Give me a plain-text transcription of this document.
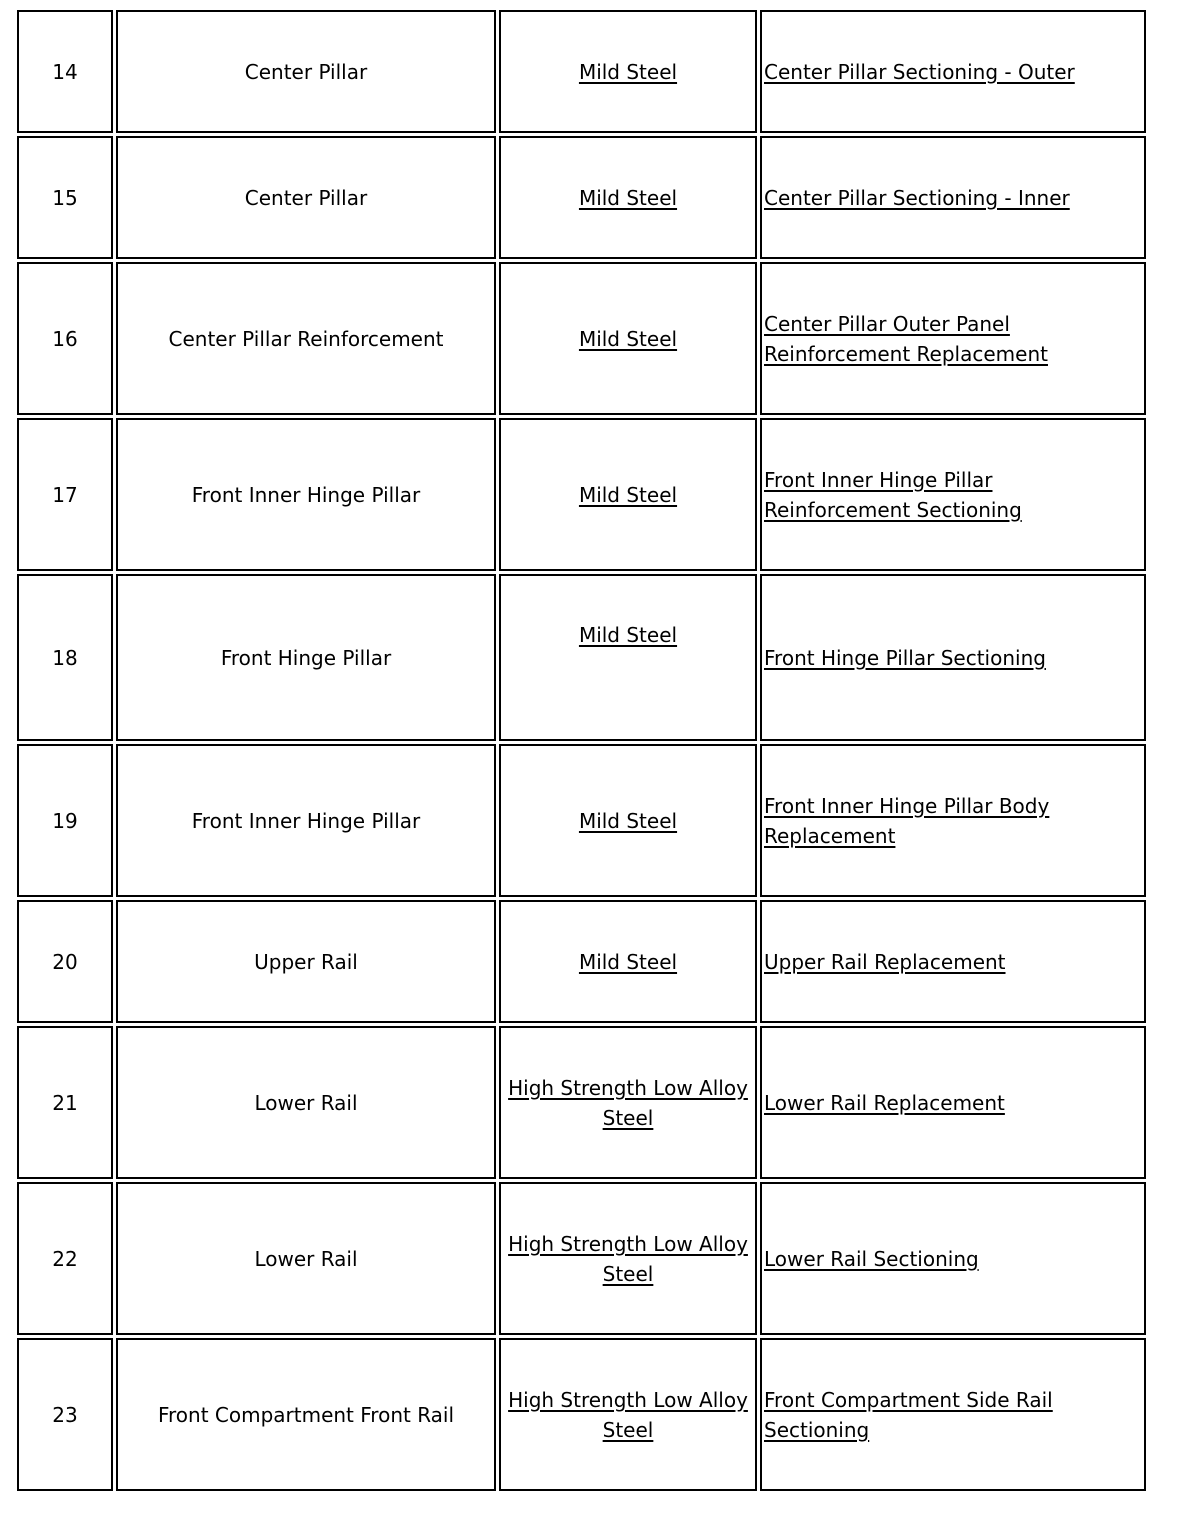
14	Center Pillar	Mild Steel	Center Pillar Sectioning - Outer
15	Center Pillar	Mild Steel	Center Pillar Sectioning - Inner
16	Center Pillar Reinforcement	Mild Steel	Center Pillar Outer Panel Reinforcement Replacement
17	Front Inner Hinge Pillar	Mild Steel	Front Inner Hinge Pillar Reinforcement Sectioning
18	Front Hinge Pillar	Mild Steel	Front Hinge Pillar Sectioning
19	Front Inner Hinge Pillar	Mild Steel	Front Inner Hinge Pillar Body Replacement
20	Upper Rail	Mild Steel	Upper Rail Replacement
21	Lower Rail	High Strength Low Alloy Steel	Lower Rail Replacement
22	Lower Rail	High Strength Low Alloy Steel	Lower Rail Sectioning
23	Front Compartment Front Rail	High Strength Low Alloy Steel	Front Compartment Side Rail Sectioning
